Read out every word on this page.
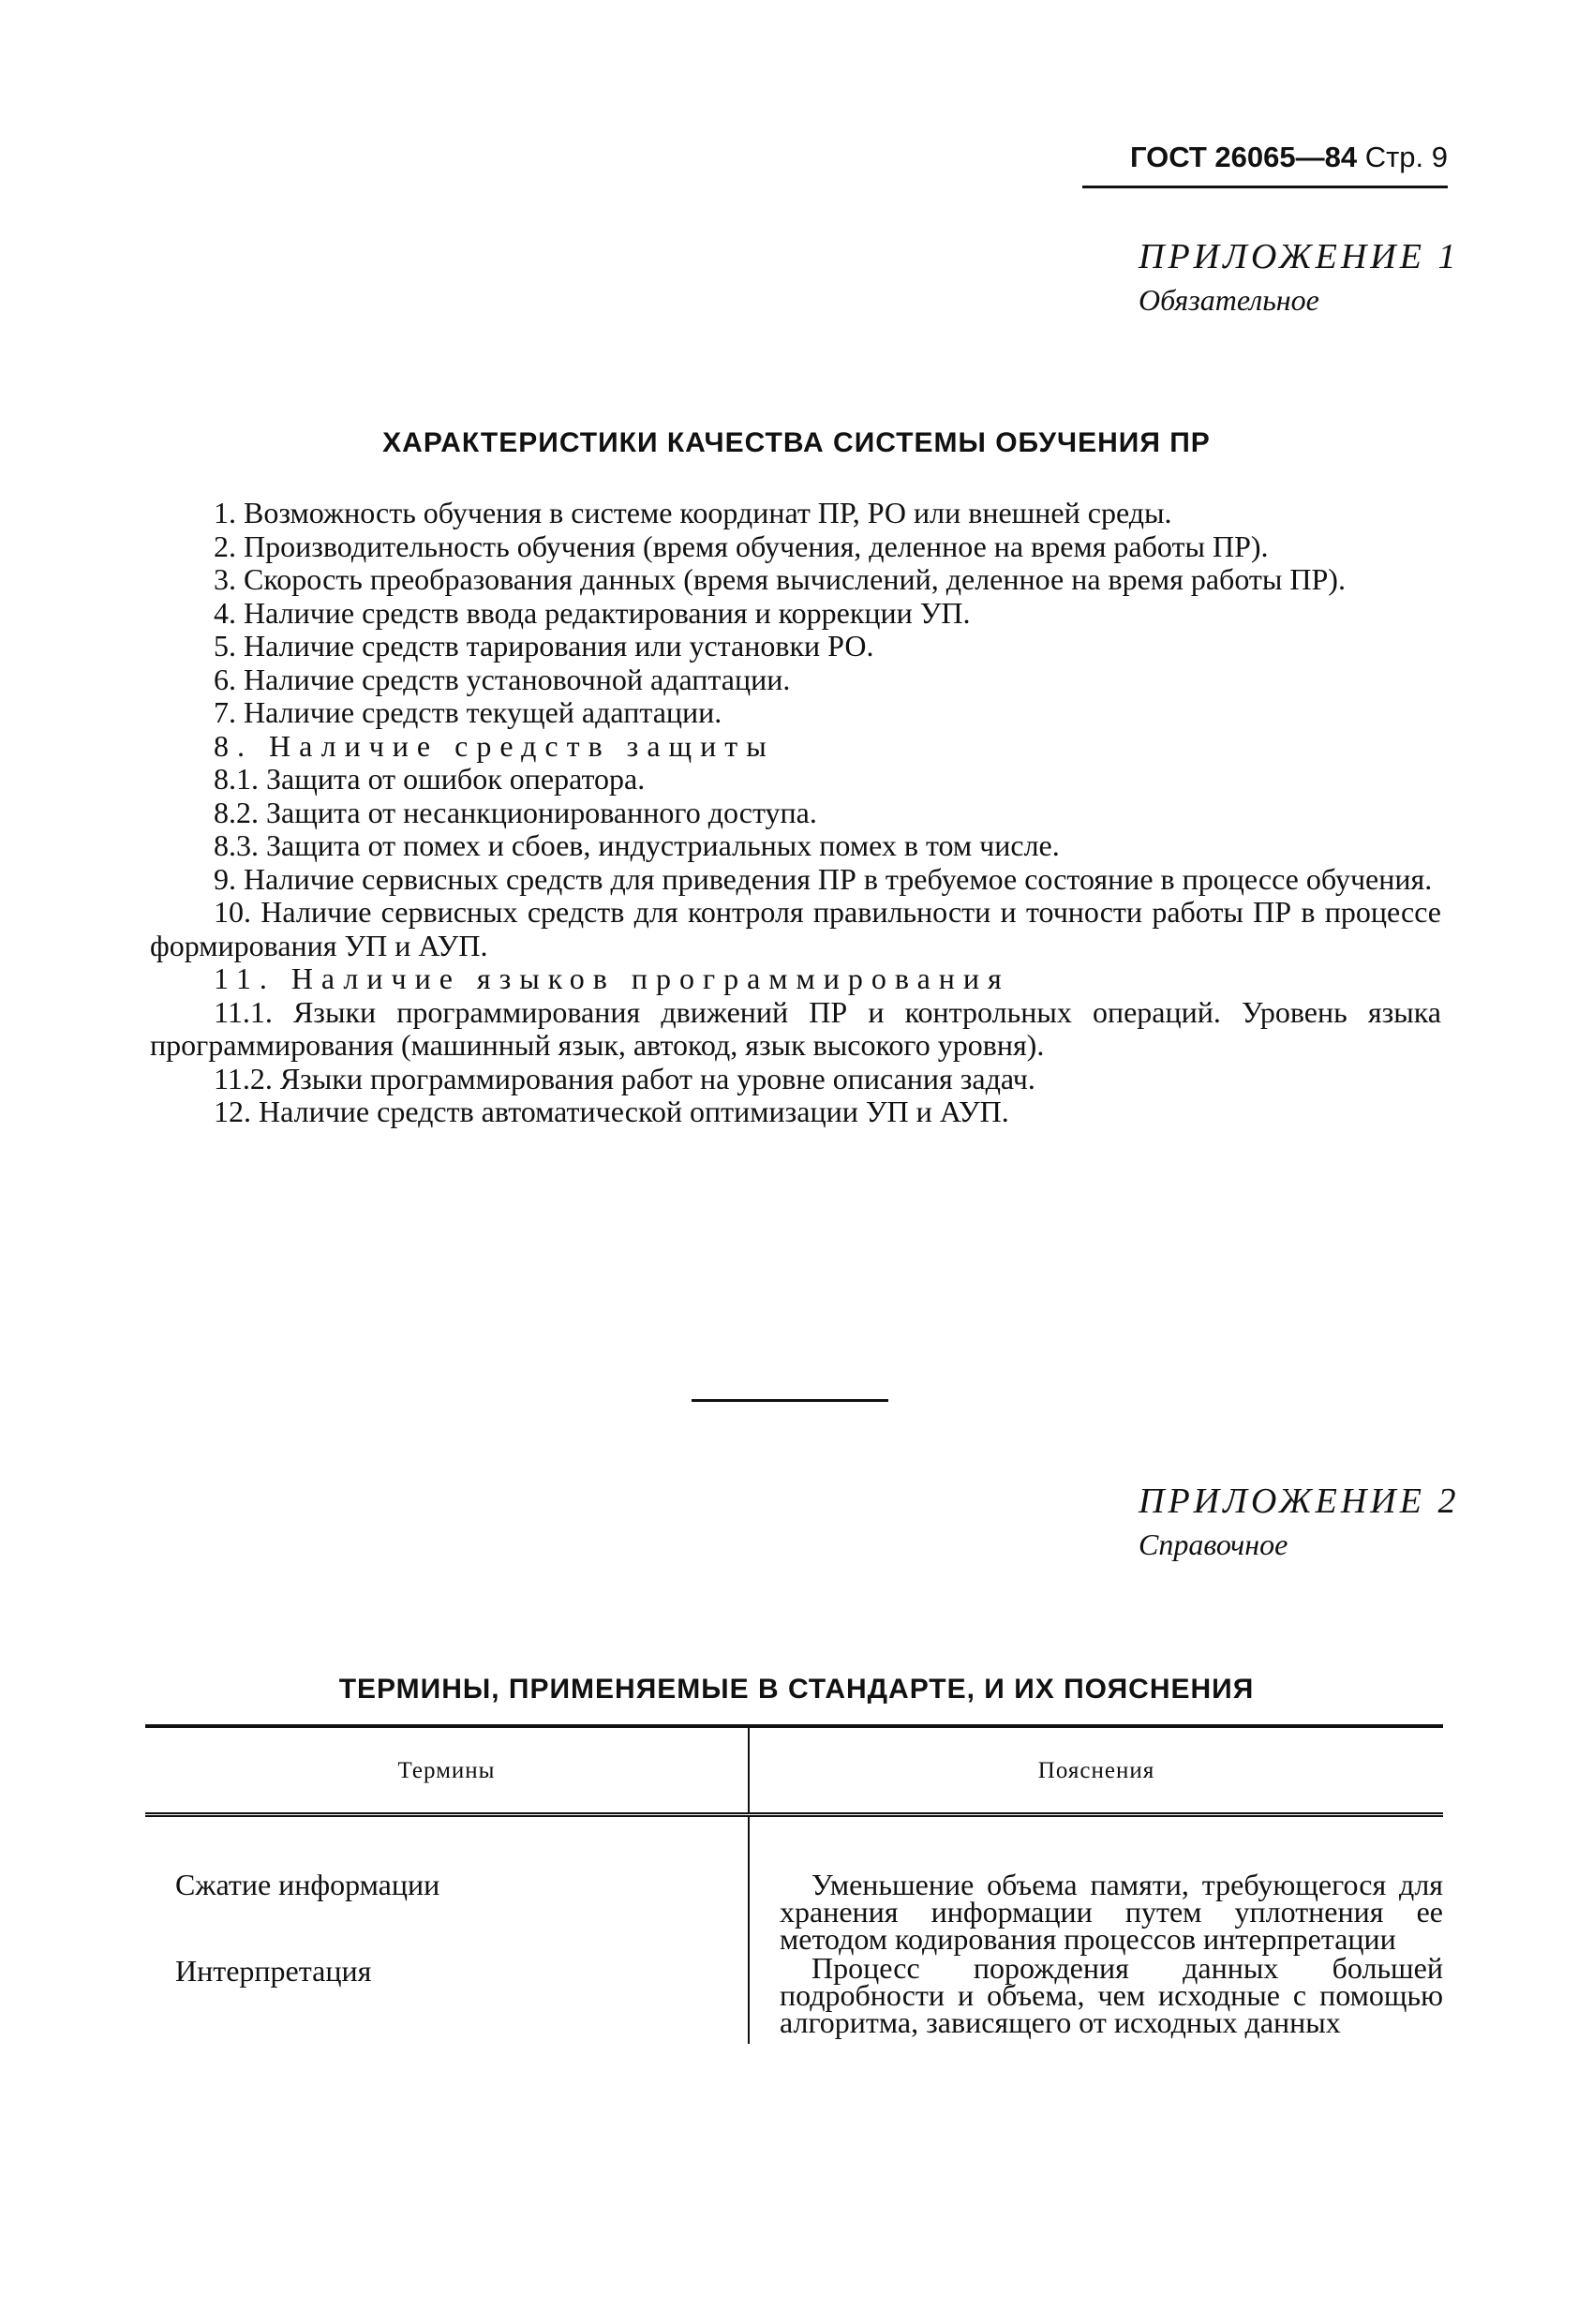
ГОСТ 26065—84 Стр. 9
ПРИЛОЖЕНИЕ 1
Обязательное
ХАРАКТЕРИСТИКИ КАЧЕСТВА СИСТЕМЫ ОБУЧЕНИЯ ПР

1. Возможность обучения в системе координат ПР, РО или внешней среды.

2. Производительность обучения (время обучения, деленное на время работы ПР).

3. Скорость преобразования данных (время вычислений, деленное на время работы ПР).

4. Наличие средств ввода редактирования и коррекции УП.

5. Наличие средств тарирования или установки РО.

6. Наличие средств установочной адаптации.

7. Наличие средств текущей адаптации.

8. Наличие средств защиты

8.1. Защита от ошибок оператора.

8.2. Защита от несанкционированного доступа.

8.3. Защита от помех и сбоев, индустриальных помех в том числе.

9. Наличие сервисных средств для приведения ПР в требуемое состояние в процессе обучения.

10. Наличие сервисных средств для контроля правильности и точности работы ПР в процессе формирования УП и АУП.

11. Наличие языков программирования

11.1. Языки программирования движений ПР и контрольных операций. Уровень языка программирования (машинный язык, автокод, язык высокого уровня).

11.2. Языки программирования работ на уровне описания задач.

12. Наличие средств автоматической оптимизации УП и АУП.

ПРИЛОЖЕНИЕ 2
Справочное
ТЕРМИНЫ, ПРИМЕНЯЕМЫЕ В СТАНДАРТЕ, И ИХ ПОЯСНЕНИЯ
Термины	Пояснения
Сжатие информации	Уменьшение объема памяти, требующегося для хранения информации путем уплотнения ее методом кодирования процессов интерпретации

Интерпретация	Процесс порождения данных большей подробности и объема, чем исходные с помощью алгоритма, зависящего от исходных данных
